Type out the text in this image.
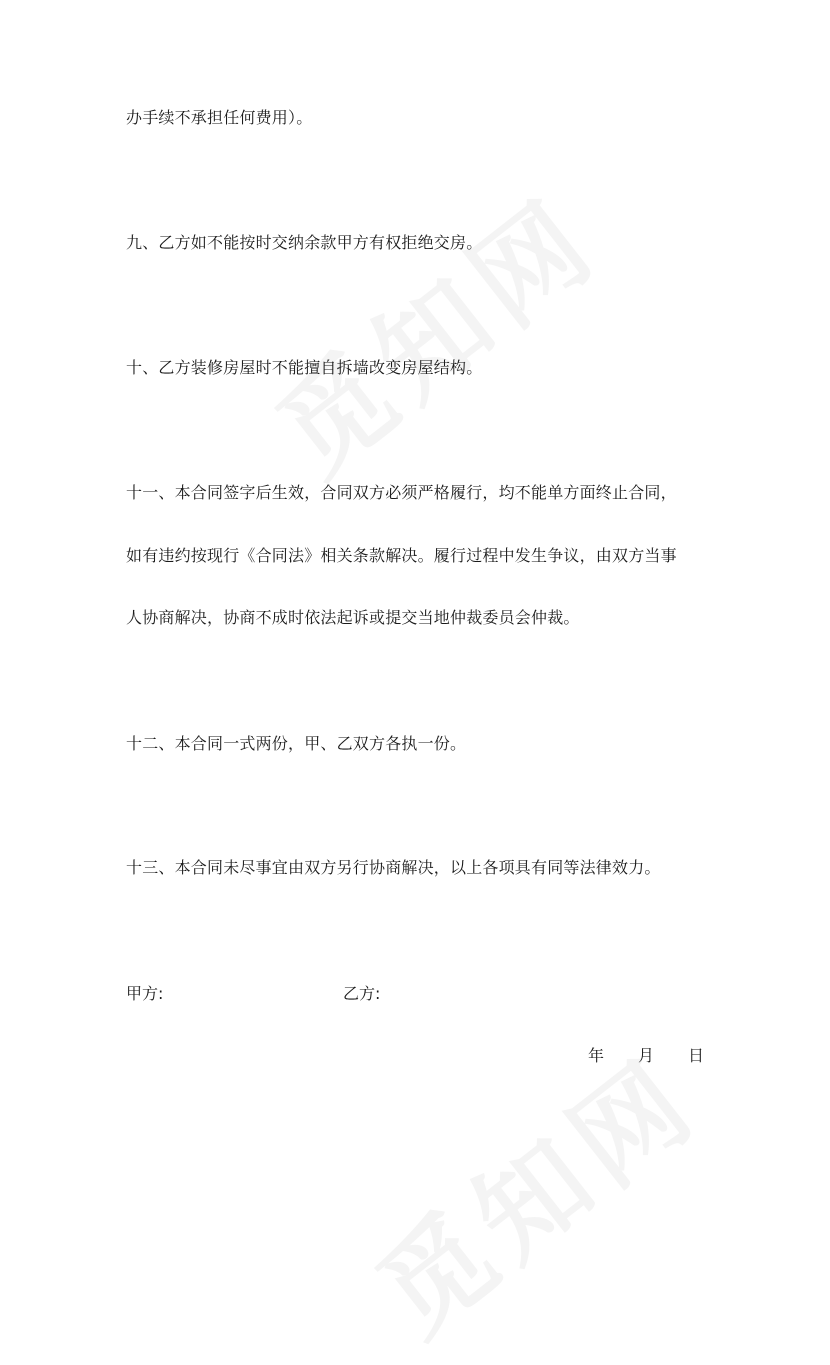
办手续不承担任何费用）。
九、乙方如不能按时交纳余款甲方有权拒绝交房。
十、乙方装修房屋时不能擅自拆墙改变房屋结构。
十一、本合同签字后生效，合同双方必须严格履行，均不能单方面终止合同，
如有违约按现行《合同法》相关条款解决。履行过程中发生争议，由双方当事
人协商解决，协商不成时依法起诉或提交当地仲裁委员会仲裁。
十二、本合同一式两份，甲、乙双方各执一份。
十三、本合同未尽事宜由双方另行协商解决，以上各项具有同等法律效力。
甲方:	乙方:
年 月 日
